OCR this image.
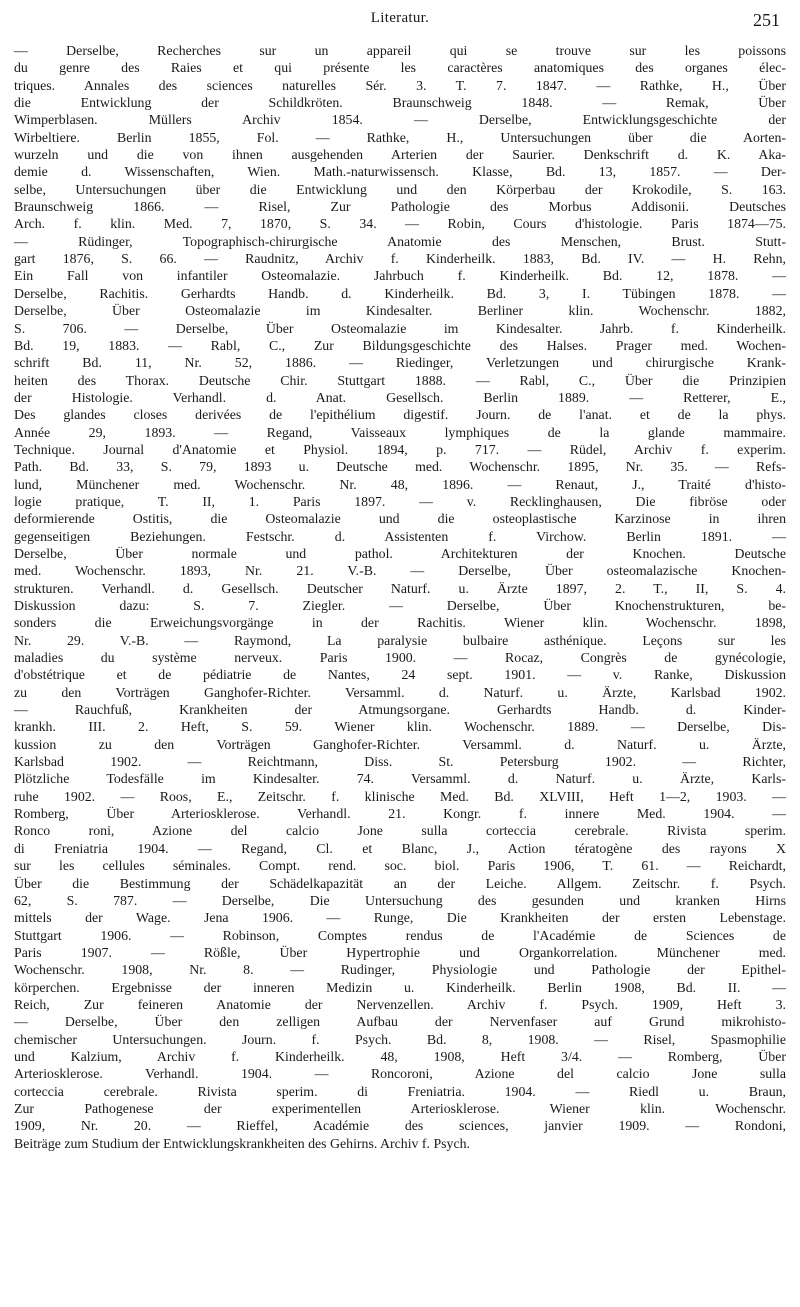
Literatur.	251

— Derselbe, Recherches sur un appareil qui se trouve sur les poissons

du genre des Raies et qui présente les caractères anatomiques des organes élec-

triques. Annales des sciences naturelles Sér. 3. T. 7. 1847. — Rathke, H., Über

die Entwicklung der Schildkröten. Braunschweig 1848. — Remak, Über

Wimperblasen. Müllers Archiv 1854. — Derselbe, Entwicklungsgeschichte der

Wirbeltiere. Berlin 1855, Fol. — Rathke, H., Untersuchungen über die Aorten-

wurzeln und die von ihnen ausgehenden Arterien der Saurier. Denkschrift d. K. Aka-

demie d. Wissenschaften, Wien. Math.-naturwissensch. Klasse, Bd. 13, 1857. — Der-

selbe, Untersuchungen über die Entwicklung und den Körperbau der Krokodile, S. 163.

Braunschweig 1866. — Risel, Zur Pathologie des Morbus Addisonii. Deutsches

Arch. f. klin. Med. 7, 1870, S. 34. — Robin, Cours d'histologie. Paris 1874—75.

— Rüdinger, Topographisch-chirurgische Anatomie des Menschen, Brust. Stutt-

gart 1876, S. 66. — Raudnitz, Archiv f. Kinderheilk. 1883, Bd. IV. — H. Rehn,

Ein Fall von infantiler Osteomalazie. Jahrbuch f. Kinderheilk. Bd. 12, 1878. —

Derselbe, Rachitis. Gerhardts Handb. d. Kinderheilk. Bd. 3, I. Tübingen 1878. —

Derselbe, Über Osteomalazie im Kindesalter. Berliner klin. Wochenschr. 1882,

S. 706. — Derselbe, Über Osteomalazie im Kindesalter. Jahrb. f. Kinderheilk.

Bd. 19, 1883. — Rabl, C., Zur Bildungsgeschichte des Halses. Prager med. Wochen-

schrift Bd. 11, Nr. 52, 1886. — Riedinger, Verletzungen und chirurgische Krank-

heiten des Thorax. Deutsche Chir. Stuttgart 1888. — Rabl, C., Über die Prinzipien

der Histologie. Verhandl. d. Anat. Gesellsch. Berlin 1889. — Retterer, E.,

Des glandes closes derivées de l'epithélium digestif. Journ. de l'anat. et de la phys.

Année 29, 1893. — Regand, Vaisseaux lymphiques de la glande mammaire.

Technique. Journal d'Anatomie et Physiol. 1894, p. 717. — Rüdel, Archiv f. experim.

Path. Bd. 33, S. 79, 1893 u. Deutsche med. Wochenschr. 1895, Nr. 35. — Refs-

lund, Münchener med. Wochenschr. Nr. 48, 1896. — Renaut, J., Traité d'histo-

logie pratique, T. II, 1. Paris 1897. — v. Recklinghausen, Die fibröse oder

deformierende Ostitis, die Osteomalazie und die osteoplastische Karzinose in ihren

gegenseitigen Beziehungen. Festschr. d. Assistenten f. Virchow. Berlin 1891. —

Derselbe, Über normale und pathol. Architekturen der Knochen. Deutsche

med. Wochenschr. 1893, Nr. 21. V.-B. — Derselbe, Über osteomalazische Knochen-

strukturen. Verhandl. d. Gesellsch. Deutscher Naturf. u. Ärzte 1897, 2. T., II, S. 4.

Diskussion dazu: S. 7. Ziegler. — Derselbe, Über Knochenstrukturen, be-

sonders die Erweichungsvorgänge in der Rachitis. Wiener klin. Wochenschr. 1898,

Nr. 29. V.-B. — Raymond, La paralysie bulbaire asthénique. Leçons sur les

maladies du système nerveux. Paris 1900. — Rocaz, Congrès de gynécologie,

d'obstétrique et de pédiatrie de Nantes, 24 sept. 1901. — v. Ranke, Diskussion

zu den Vorträgen Ganghofer-Richter. Versamml. d. Naturf. u. Ärzte, Karlsbad 1902.

— Rauchfuß, Krankheiten der Atmungsorgane. Gerhardts Handb. d. Kinder-

krankh. III. 2. Heft, S. 59. Wiener klin. Wochenschr. 1889. — Derselbe, Dis-

kussion zu den Vorträgen Ganghofer-Richter. Versamml. d. Naturf. u. Ärzte,

Karlsbad 1902. — Reichtmann, Diss. St. Petersburg 1902. — Richter,

Plötzliche Todesfälle im Kindesalter. 74. Versamml. d. Naturf. u. Ärzte, Karls-

ruhe 1902. — Roos, E., Zeitschr. f. klinische Med. Bd. XLVIII, Heft 1—2, 1903. —

Romberg, Über Arteriosklerose. Verhandl. 21. Kongr. f. innere Med. 1904. —

Ronco roni, Azione del calcio Jone sulla corteccia cerebrale. Rivista sperim.

di Freniatria 1904. — Regand, Cl. et Blanc, J., Action tératogène des rayons X

sur les cellules séminales. Compt. rend. soc. biol. Paris 1906, T. 61. — Reichardt,

Über die Bestimmung der Schädelkapazität an der Leiche. Allgem. Zeitschr. f. Psych.

62, S. 787. — Derselbe, Die Untersuchung des gesunden und kranken Hirns

mittels der Wage. Jena 1906. — Runge, Die Krankheiten der ersten Lebenstage.

Stuttgart 1906. — Robinson, Comptes rendus de l'Académie de Sciences de

Paris 1907. — Rößle, Über Hypertrophie und Organkorrelation. Münchener med.

Wochenschr. 1908, Nr. 8. — Rudinger, Physiologie und Pathologie der Epithel-

körperchen. Ergebnisse der inneren Medizin u. Kinderheilk. Berlin 1908, Bd. II. —

Reich, Zur feineren Anatomie der Nervenzellen. Archiv f. Psych. 1909, Heft 3.

— Derselbe, Über den zelligen Aufbau der Nervenfaser auf Grund mikrohisto-

chemischer Untersuchungen. Journ. f. Psych. Bd. 8, 1908. — Risel, Spasmophilie

und Kalzium, Archiv f. Kinderheilk. 48, 1908, Heft 3/4. — Romberg, Über

Arteriosklerose. Verhandl. 1904. — Roncoroni, Azione del calcio Jone sulla

corteccia cerebrale. Rivista sperim. di Freniatria. 1904. — Riedl u. Braun,

Zur Pathogenese der experimentellen Arteriosklerose. Wiener klin. Wochenschr.

1909, Nr. 20. — Rieffel, Académie des sciences, janvier 1909. — Rondoni,

Beiträge zum Studium der Entwicklungskrankheiten des Gehirns. Archiv f. Psych.
